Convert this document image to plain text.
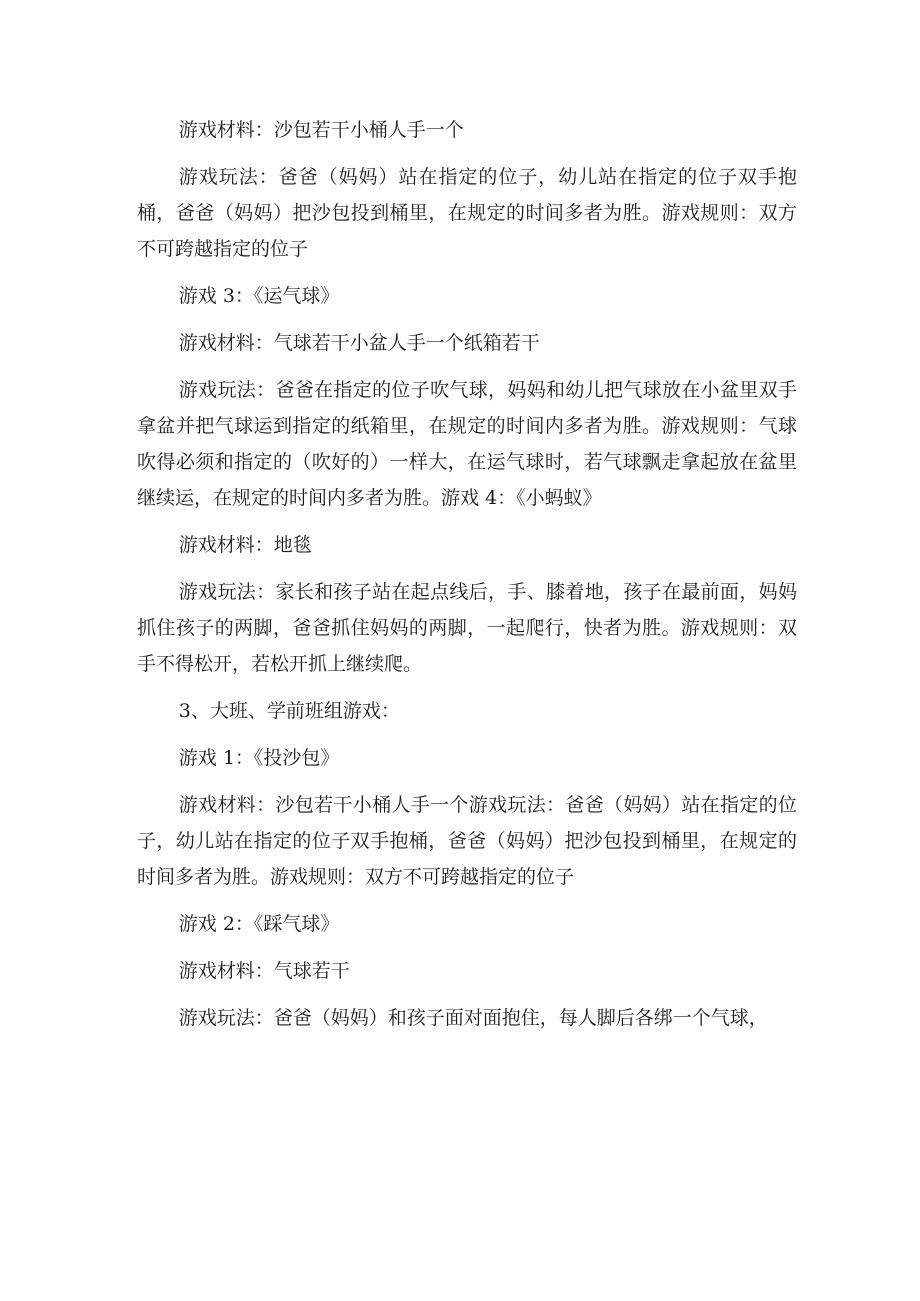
游戏材料：沙包若干小桶人手一个

游戏玩法：爸爸（妈妈）站在指定的位子，幼儿站在指定的位子双手抱桶，爸爸（妈妈）把沙包投到桶里，在规定的时间多者为胜。游戏规则：双方不可跨越指定的位子

游戏 3：《运气球》

游戏材料：气球若干小盆人手一个纸箱若干

游戏玩法：爸爸在指定的位子吹气球，妈妈和幼儿把气球放在小盆里双手拿盆并把气球运到指定的纸箱里，在规定的时间内多者为胜。游戏规则：气球吹得必须和指定的（吹好的）一样大，在运气球时，若气球飘走拿起放在盆里继续运，在规定的时间内多者为胜。游戏 4：《小蚂蚁》

游戏材料：地毯

游戏玩法：家长和孩子站在起点线后，手、膝着地，孩子在最前面，妈妈抓住孩子的两脚，爸爸抓住妈妈的两脚，一起爬行，快者为胜。游戏规则：双手不得松开，若松开抓上继续爬。

3、大班、学前班组游戏：

游戏 1：《投沙包》

游戏材料：沙包若干小桶人手一个游戏玩法：爸爸（妈妈）站在指定的位子，幼儿站在指定的位子双手抱桶，爸爸（妈妈）把沙包投到桶里，在规定的时间多者为胜。游戏规则：双方不可跨越指定的位子

游戏 2：《踩气球》

游戏材料：气球若干

游戏玩法：爸爸（妈妈）和孩子面对面抱住，每人脚后各绑一个气球，
